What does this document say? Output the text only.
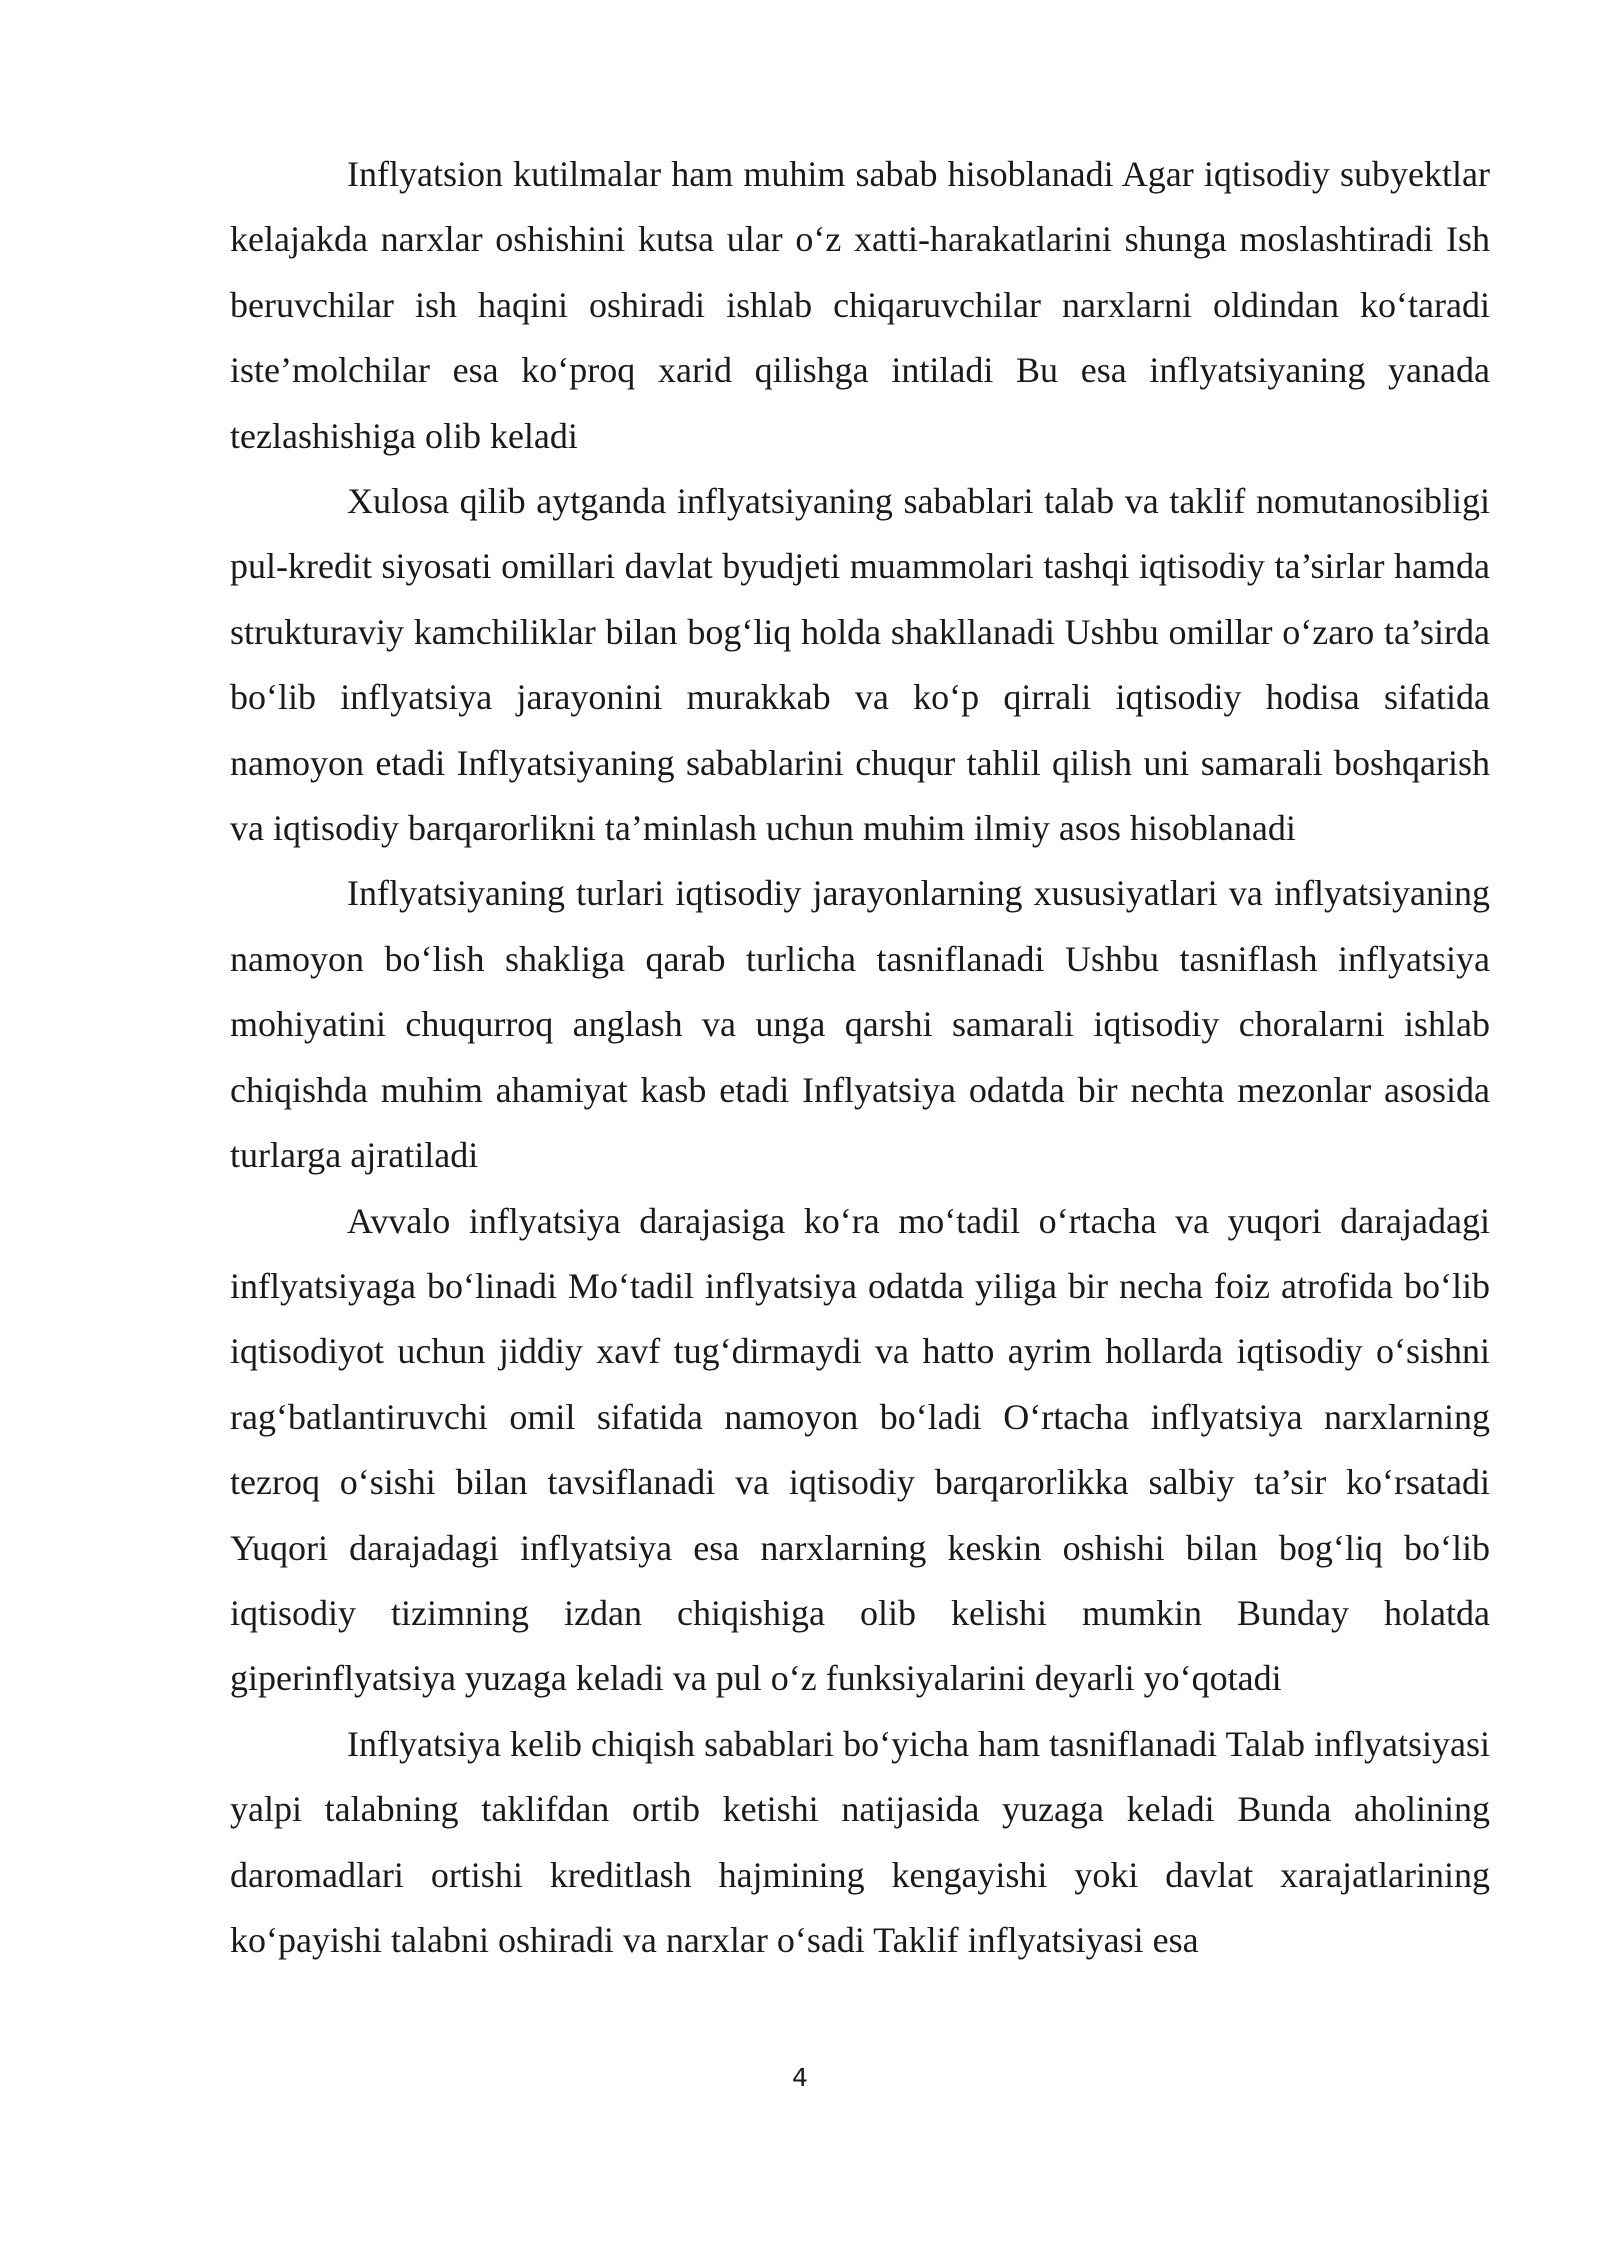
Inflyatsion kutilmalar ham muhim sabab hisoblanadi Agar iqtisodiy subyektlar kelajakda narxlar oshishini kutsa ular o‘z xatti-harakatlarini shunga moslashtiradi Ish beruvchilar ish haqini oshiradi ishlab chiqaruvchilar narxlarni oldindan ko‘taradi iste’molchilar esa ko‘proq xarid qilishga intiladi Bu esa inflyatsiyaning yanada tezlashishiga olib keladi

Xulosa qilib aytganda inflyatsiyaning sabablari talab va taklif nomutanosibligi pul-kredit siyosati omillari davlat byudjeti muammolari tashqi iqtisodiy ta’sirlar hamda strukturaviy kamchiliklar bilan bog‘liq holda shakllanadi Ushbu omillar o‘zaro ta’sirda bo‘lib inflyatsiya jarayonini murakkab va ko‘p qirrali iqtisodiy hodisa sifatida namoyon etadi Inflyatsiyaning sabablarini chuqur tahlil qilish uni samarali boshqarish va iqtisodiy barqarorlikni ta’minlash uchun muhim ilmiy asos hisoblanadi

Inflyatsiyaning turlari iqtisodiy jarayonlarning xususiyatlari va inflyatsiyaning namoyon bo‘lish shakliga qarab turlicha tasniflanadi Ushbu tasniflash inflyatsiya mohiyatini chuqurroq anglash va unga qarshi samarali iqtisodiy choralarni ishlab chiqishda muhim ahamiyat kasb etadi Inflyatsiya odatda bir nechta mezonlar asosida turlarga ajratiladi

Avvalo inflyatsiya darajasiga ko‘ra mo‘tadil o‘rtacha va yuqori darajadagi inflyatsiyaga bo‘linadi Mo‘tadil inflyatsiya odatda yiliga bir necha foiz atrofida bo‘lib iqtisodiyot uchun jiddiy xavf tug‘dirmaydi va hatto ayrim hollarda iqtisodiy o‘sishni rag‘batlantiruvchi omil sifatida namoyon bo‘ladi O‘rtacha inflyatsiya narxlarning tezroq o‘sishi bilan tavsiflanadi va iqtisodiy barqarorlikka salbiy ta’sir ko‘rsatadi Yuqori darajadagi inflyatsiya esa narxlarning keskin oshishi bilan bog‘liq bo‘lib iqtisodiy tizimning izdan chiqishiga olib kelishi mumkin Bunday holatda giperinflyatsiya yuzaga keladi va pul o‘z funksiyalarini deyarli yo‘qotadi

Inflyatsiya kelib chiqish sabablari bo‘yicha ham tasniflanadi Talab inflyatsiyasi yalpi talabning taklifdan ortib ketishi natijasida yuzaga keladi Bunda aholining daromadlari ortishi kreditlash hajmining kengayishi yoki davlat xarajatlarining ko‘payishi talabni oshiradi va narxlar o‘sadi Taklif inflyatsiyasi esa

4
